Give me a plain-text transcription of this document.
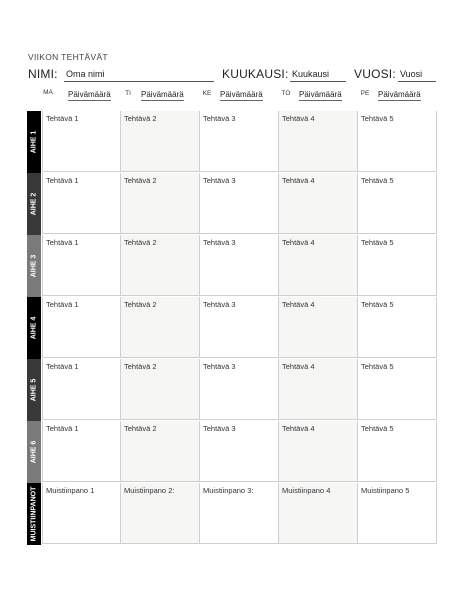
VIIKON TEHTÄVÄT
NIMI: Oma nimi	KUUKAUSI: Kuukausi	VUOSI: Vuosi
MA Päivämäärä	TI	Päivämäärä	KE	Päivämäärä	TO	Päivämäärä	PE	Päivämäärä
AIHE 1
Tehtävä 1	Tehtävä 2	Tehtävä 3	Tehtävä 4	Tehtävä 5
AIHE 2
Tehtävä 1	Tehtävä 2	Tehtävä 3	Tehtävä 4	Tehtävä 5
AIHE 3
Tehtävä 1	Tehtävä 2	Tehtävä 3	Tehtävä 4	Tehtävä 5
AIHE 4
Tehtävä 1	Tehtävä 2	Tehtävä 3	Tehtävä 4	Tehtävä 5
AIHE 5
Tehtävä 1	Tehtävä 2	Tehtävä 3	Tehtävä 4	Tehtävä 5
AIHE 6
Tehtävä 1	Tehtävä 2	Tehtävä 3	Tehtävä 4	Tehtävä 5
MUISTIINPANOT	Muistiinpano 1	Muistiinpano 2:	Muistiinpano 3:	Muistiinpano 4	Muistiinpano 5
